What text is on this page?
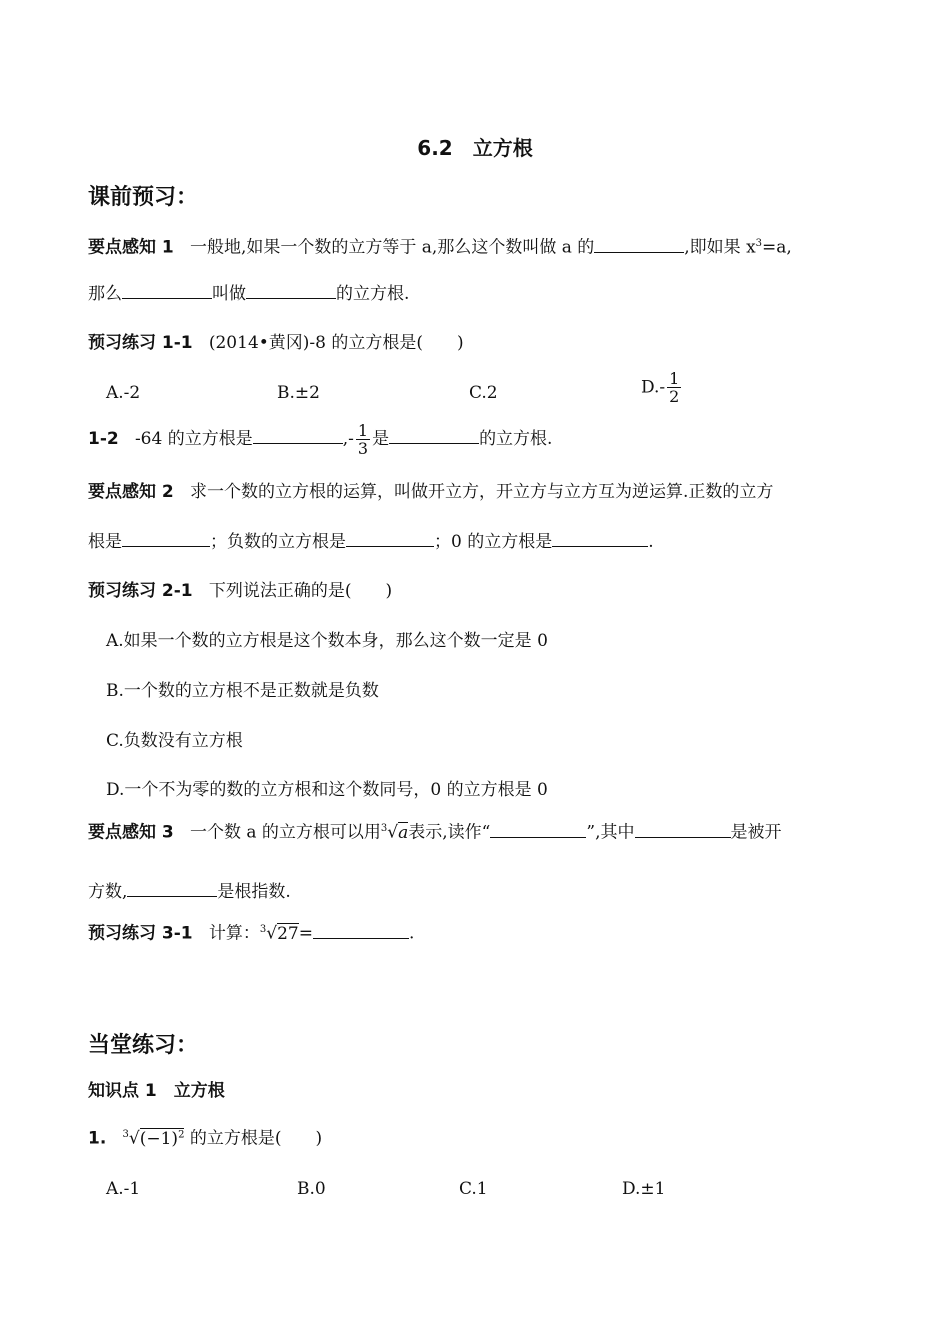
6.2　立方根
课前预习：
要点感知 1 一般地,如果一个数的立方等于 a,那么这个数叫做 a 的	,即如果 $x^3=a$,
那么	叫做	的立方根.
预习练习 1-1 (2014•黄冈)-8 的立方根是(　　)
A.-2	B.±2	C.2	$D.- \frac{1}{2}$
1-2 -64 的立方根是	,- $\frac{1}{3}$ 是	的立方根.
要点感知 2 求一个数的立方根的运算，叫做开立方，开立方与立方互为逆运算.正数的立方
根是	；负数的立方根是	；0 的立方根是	.
预习练习 2-1 下列说法正确的是(　　)
A.如果一个数的立方根是这个数本身，那么这个数一定是 0
B.一个数的立方根不是正数就是负数
C.负数没有立方根
D.一个不为零的数的立方根和这个数同号，0 的立方根是 0
要点感知 3 一个数 a 的立方根可以用$^3$√a表示,读作“	”,其中	是被开
方数,	是根指数.
预习练习 3-1 计算：$^3$√27=	.
当堂练习：
知识点 1　立方根
1. $^3√(-1)^2$ 的立方根是(　　)
A.-1	B.0	C.1	D.±1
